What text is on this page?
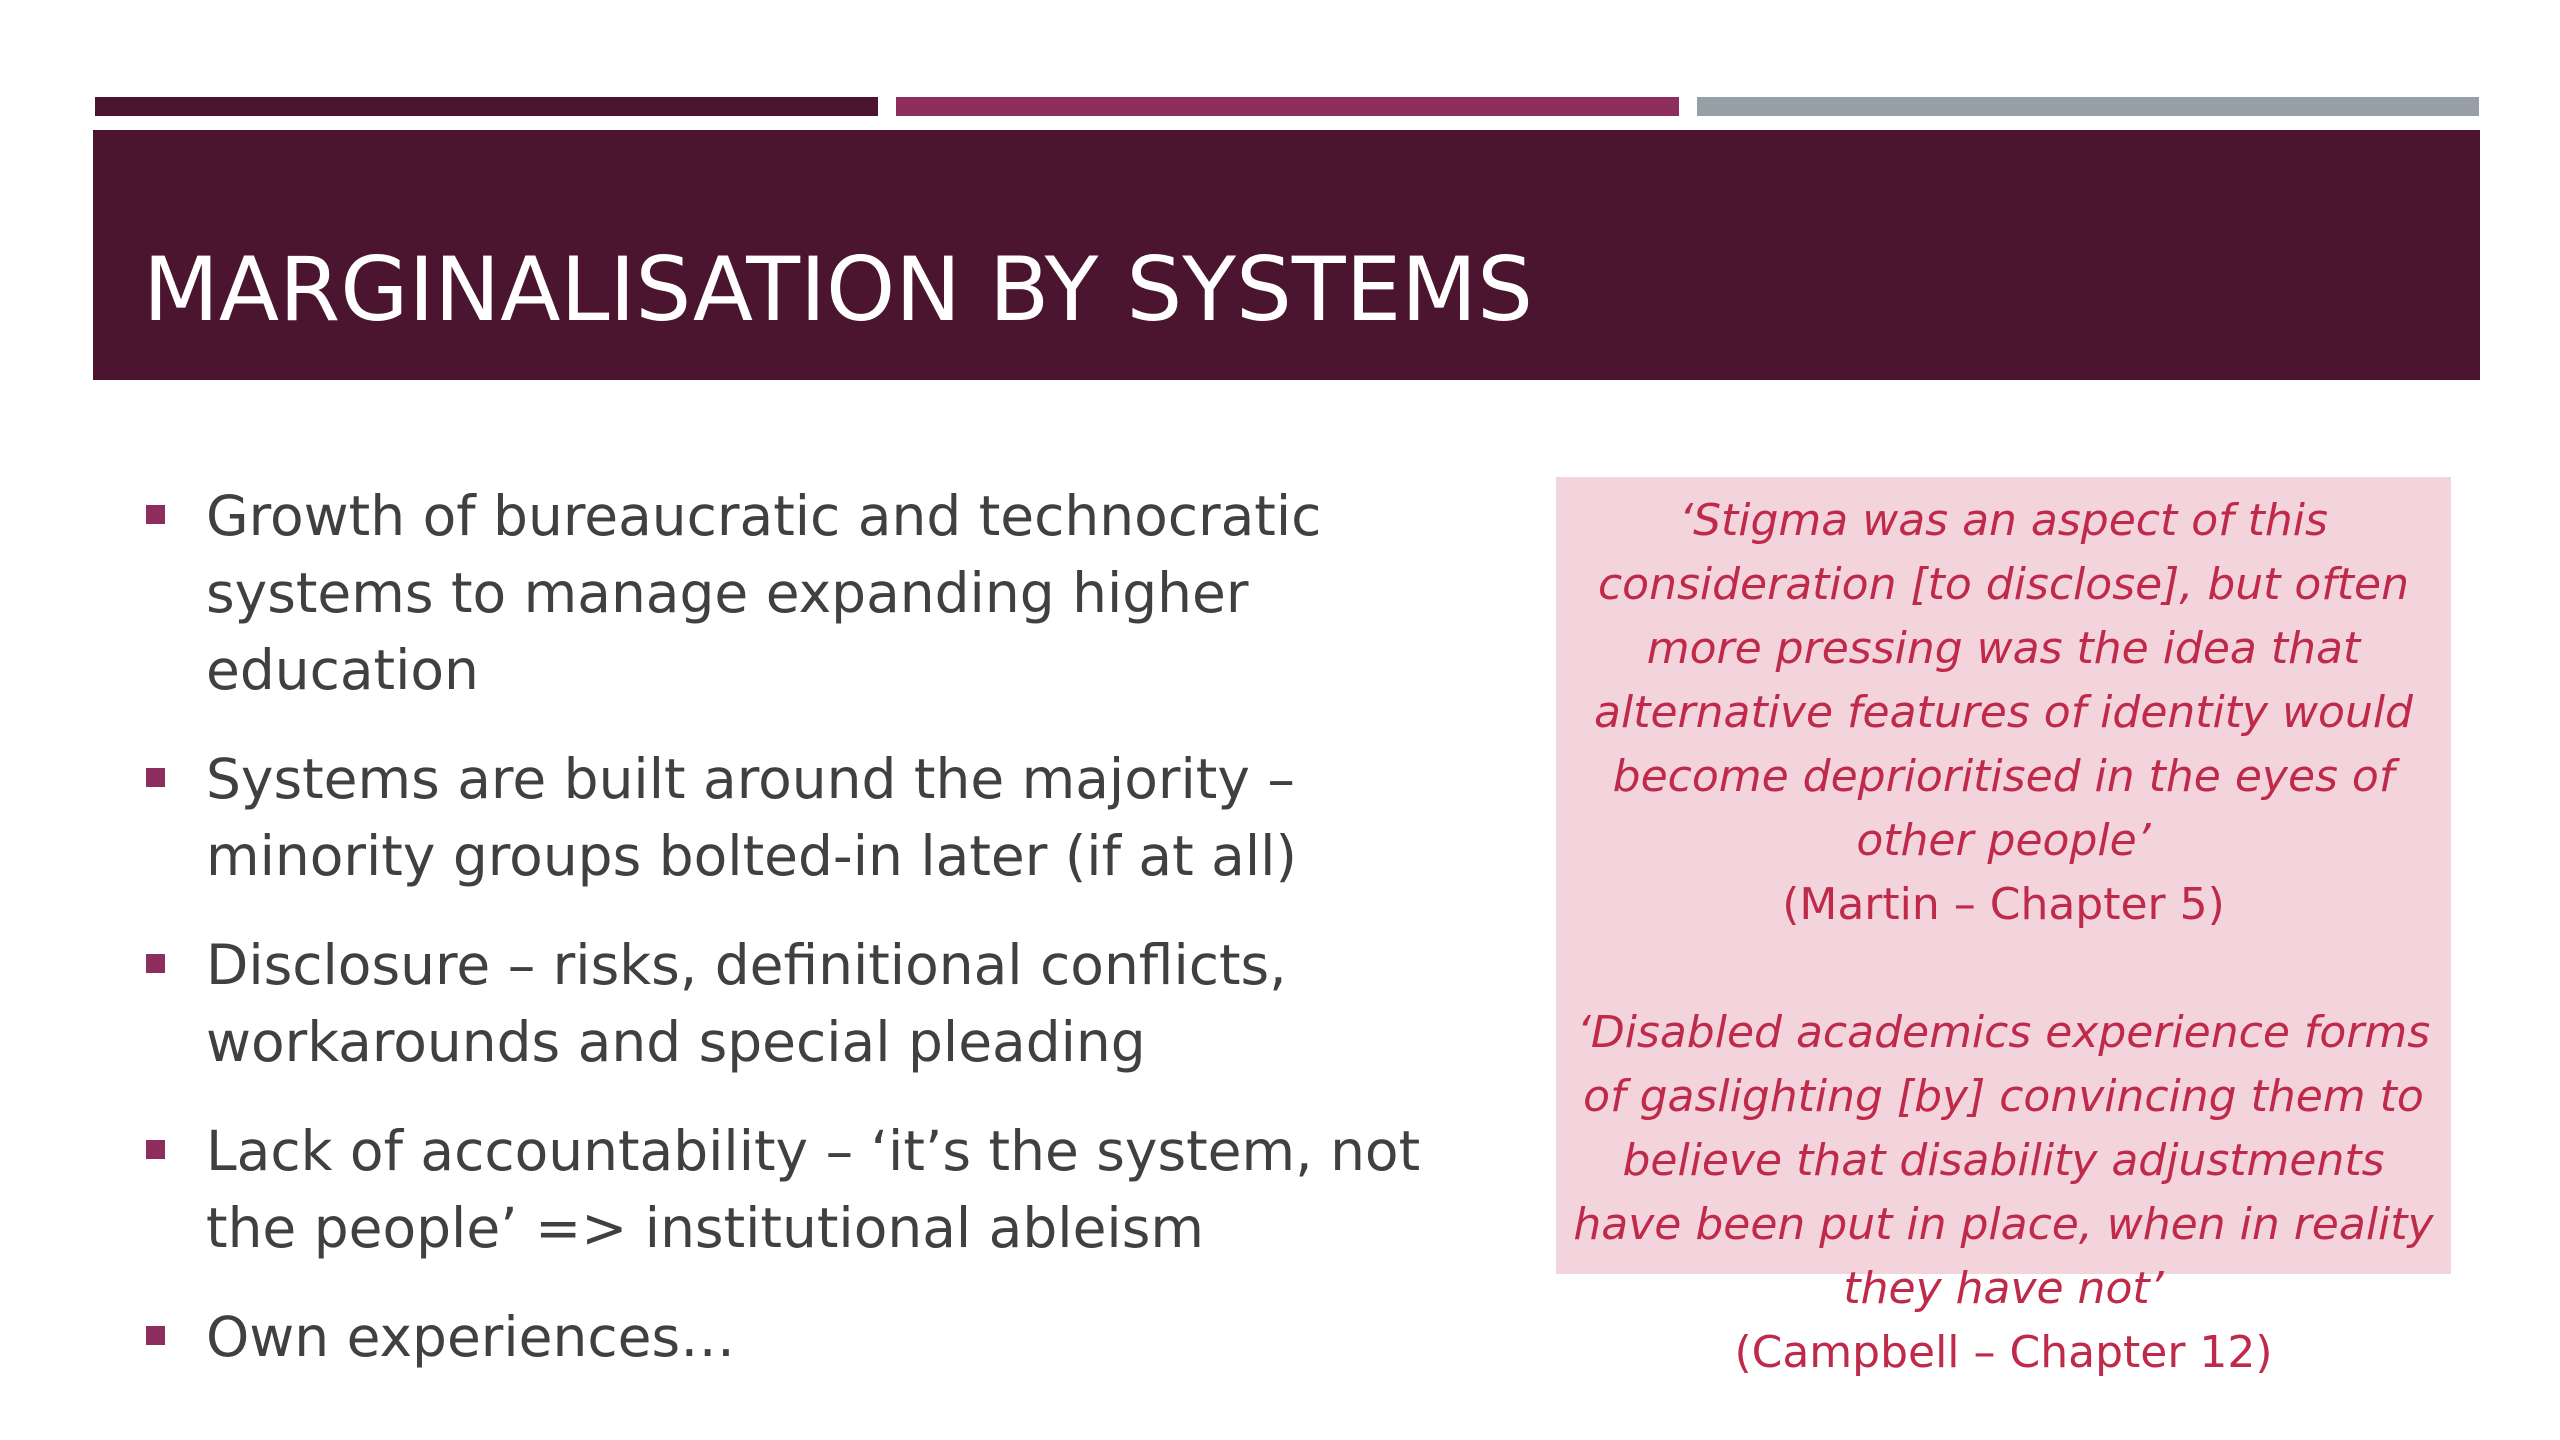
MARGINALISATION BY SYSTEMS
Growth of bureaucratic and technocratic systems to manage expanding higher education
Systems are built around the majority – minority groups bolted-in later (if at all)
Disclosure – risks, definitional conflicts, workarounds and special pleading
Lack of accountability – ‘it’s the system, not the people’ => institutional ableism
Own experiences…
‘Stigma was an aspect of this consideration [to disclose], but often more pressing was the idea that alternative features of identity would become deprioritised in the eyes of other people’
(Martin – Chapter 5)
‘Disabled academics experience forms of gaslighting [by] convincing them to believe that disability adjustments have been put in place, when in reality they have not’
(Campbell – Chapter 12)
